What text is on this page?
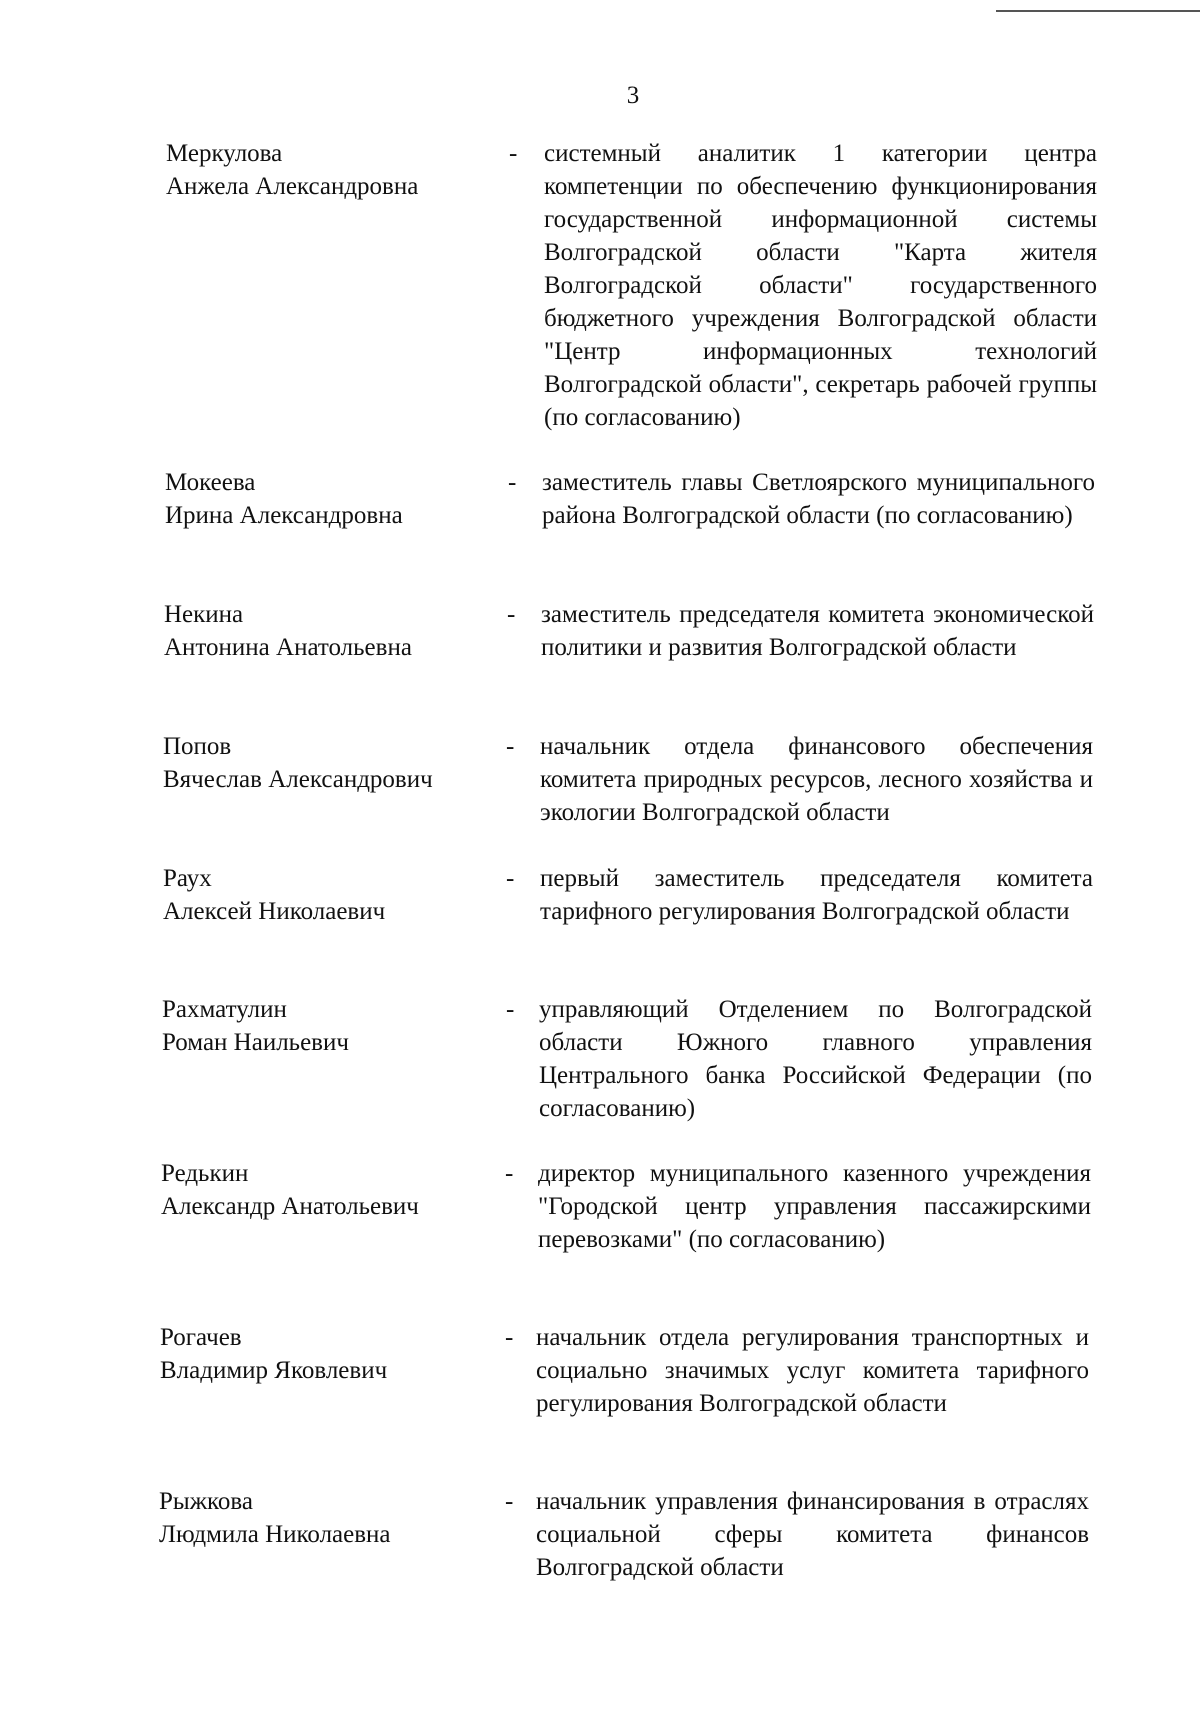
3
Меркулова
Анжела Александровна
- системный аналитик 1 категории центра компетенции по обеспечению функционирования государственной информационной системы Волгоградской области "Карта жителя Волгоградской области" государственного бюджетного учреждения Волгоградской области "Центр информационных технологий Волгоградской области", секретарь рабочей группы (по согласованию)
Мокеева
Ирина Александровна
- заместитель главы Светлоярского муниципального района Волгоградской области (по согласованию)
Некина
Антонина Анатольевна
- заместитель председателя комитета экономической политики и развития Волгоградской области
Попов
Вячеслав Александрович
- начальник отдела финансового обеспечения комитета природных ресурсов, лесного хозяйства и экологии Волгоградской области
Раух
Алексей Николаевич
- первый заместитель председателя комитета тарифного регулирования Волгоградской области
Рахматулин
Роман Наильевич
- управляющий Отделением по Волгоградской области Южного главного управления Центрального банка Российской Федерации (по согласованию)
Редькин
Александр Анатольевич
- директор муниципального казенного учреждения "Городской центр управления пассажирскими перевозками" (по согласованию)
Рогачев
Владимир Яковлевич
- начальник отдела регулирования транспортных и социально значимых услуг комитета тарифного регулирования Волгоградской области
Рыжкова
Людмила Николаевна
- начальник управления финансирования в отраслях социальной сферы комитета финансов Волгоградской области
